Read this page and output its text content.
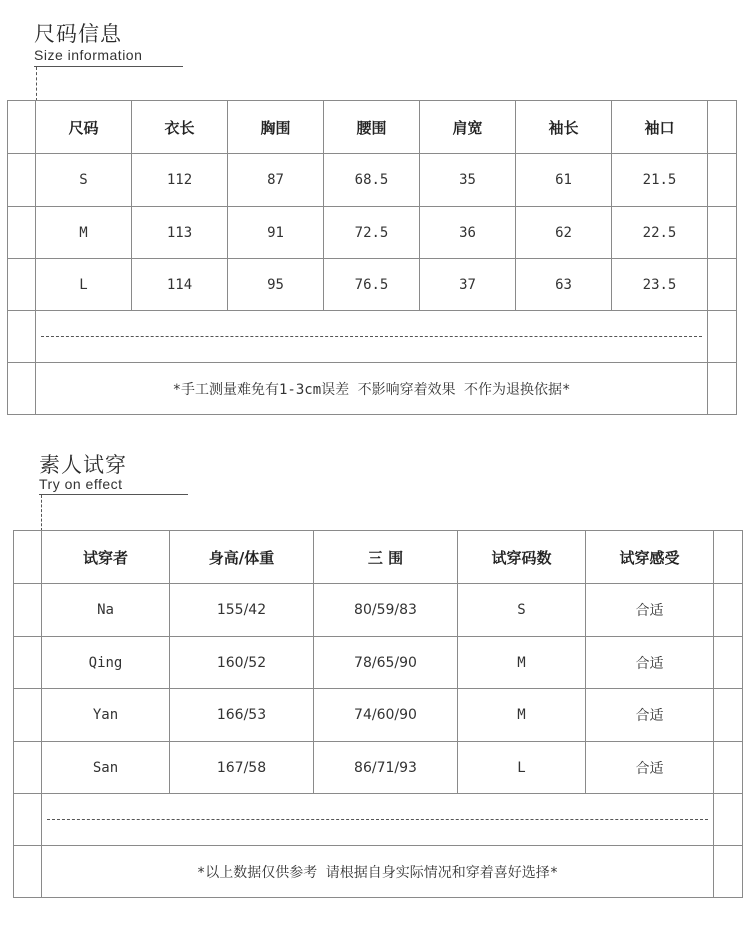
尺码信息
Size information
	尺码	衣长	胸围	腰围	肩宽	袖长	袖口	
	S	112	87	68.5	35	61	21.5	
	M	113	91	72.5	36	62	22.5	
	L	114	95	76.5	37	63	23.5	

	*手工测量难免有1-3cm误差 不影响穿着效果 不作为退换依据*							
素人试穿
Try on effect
	试穿者	身高/体重	三 围	试穿码数	试穿感受	
	Na	155/42	80/59/83	S	合适	
	Qing	160/52	78/65/90	M	合适	
	Yan	166/53	74/60/90	M	合适	
	San	167/58	86/71/93	L	合适	

	*以上数据仅供参考 请根据自身实际情况和穿着喜好选择*					
